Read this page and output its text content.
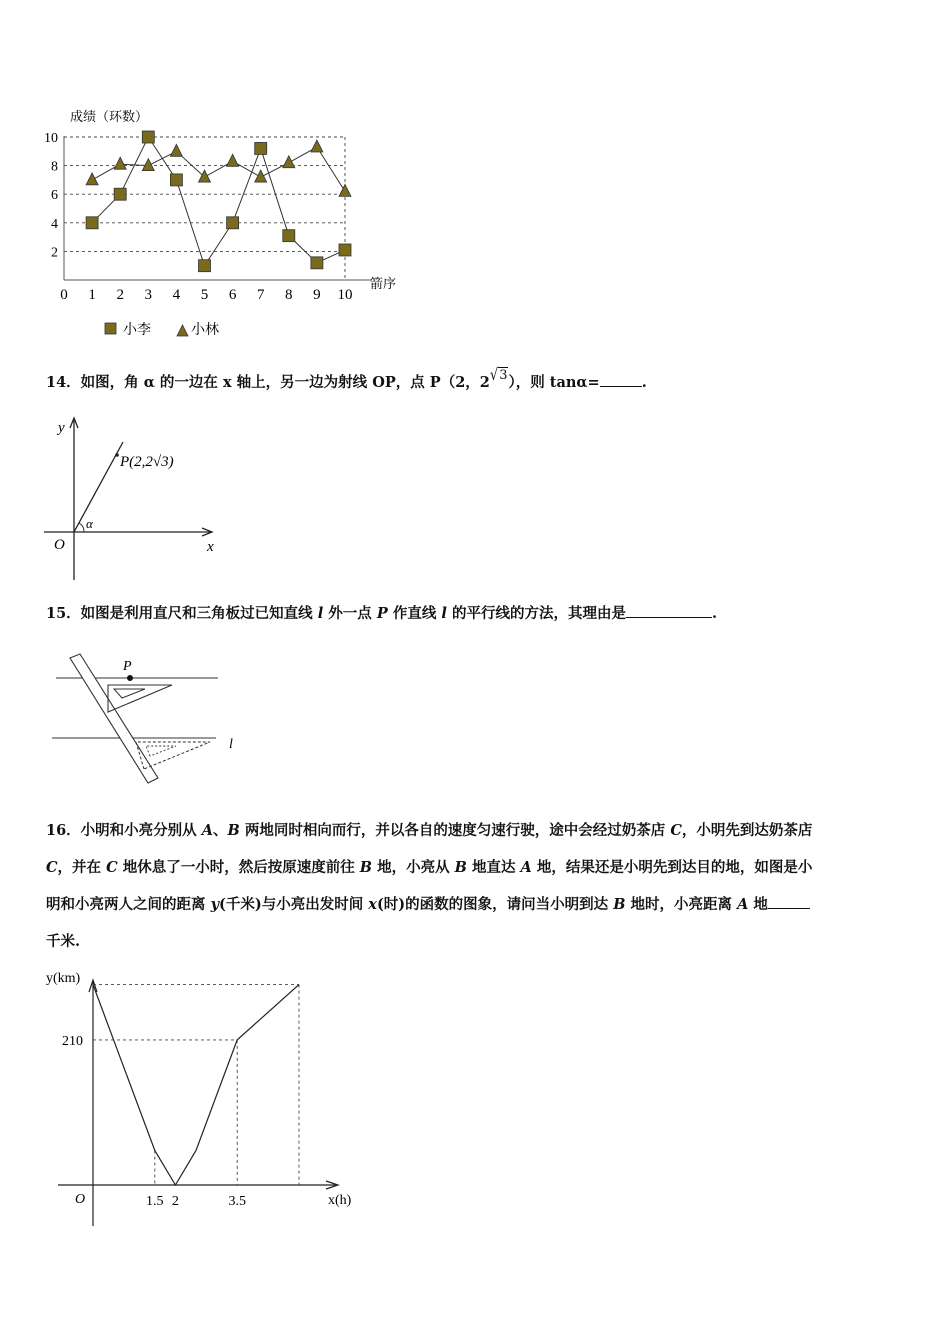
成绩（环数）
箭序
2
4
6
8
10
0 1 2 3 4 5 6 7 8 9 10
小李	小林
14．如图，角 α 的一边在 x 轴上，另一边为射线 OP，点 P（2，2√3），则 tanα=	.
y
x
O
α
P(2,2√3)
15．如图是利用直尺和三角板过已知直线 l 外一点 P 作直线 l 的平行线的方法，其理由是	.
P
l
16．小明和小亮分别从 A、B 两地同时相向而行，并以各自的速度匀速行驶，途中会经过奶茶店 C，小明先到达奶茶店
C，并在 C 地休息了一小时，然后按原速度前往 B 地，小亮从 B 地直达 A 地，结果还是小明先到达目的地，如图是小
明和小亮两人之间的距离 y(千米)与小亮出发时间 x(时)的函数的图象，请问当小明到达 B 地时，小亮距离 A 地
千米.
y(km)
x(h)
O
210
1.5 2	3.5
